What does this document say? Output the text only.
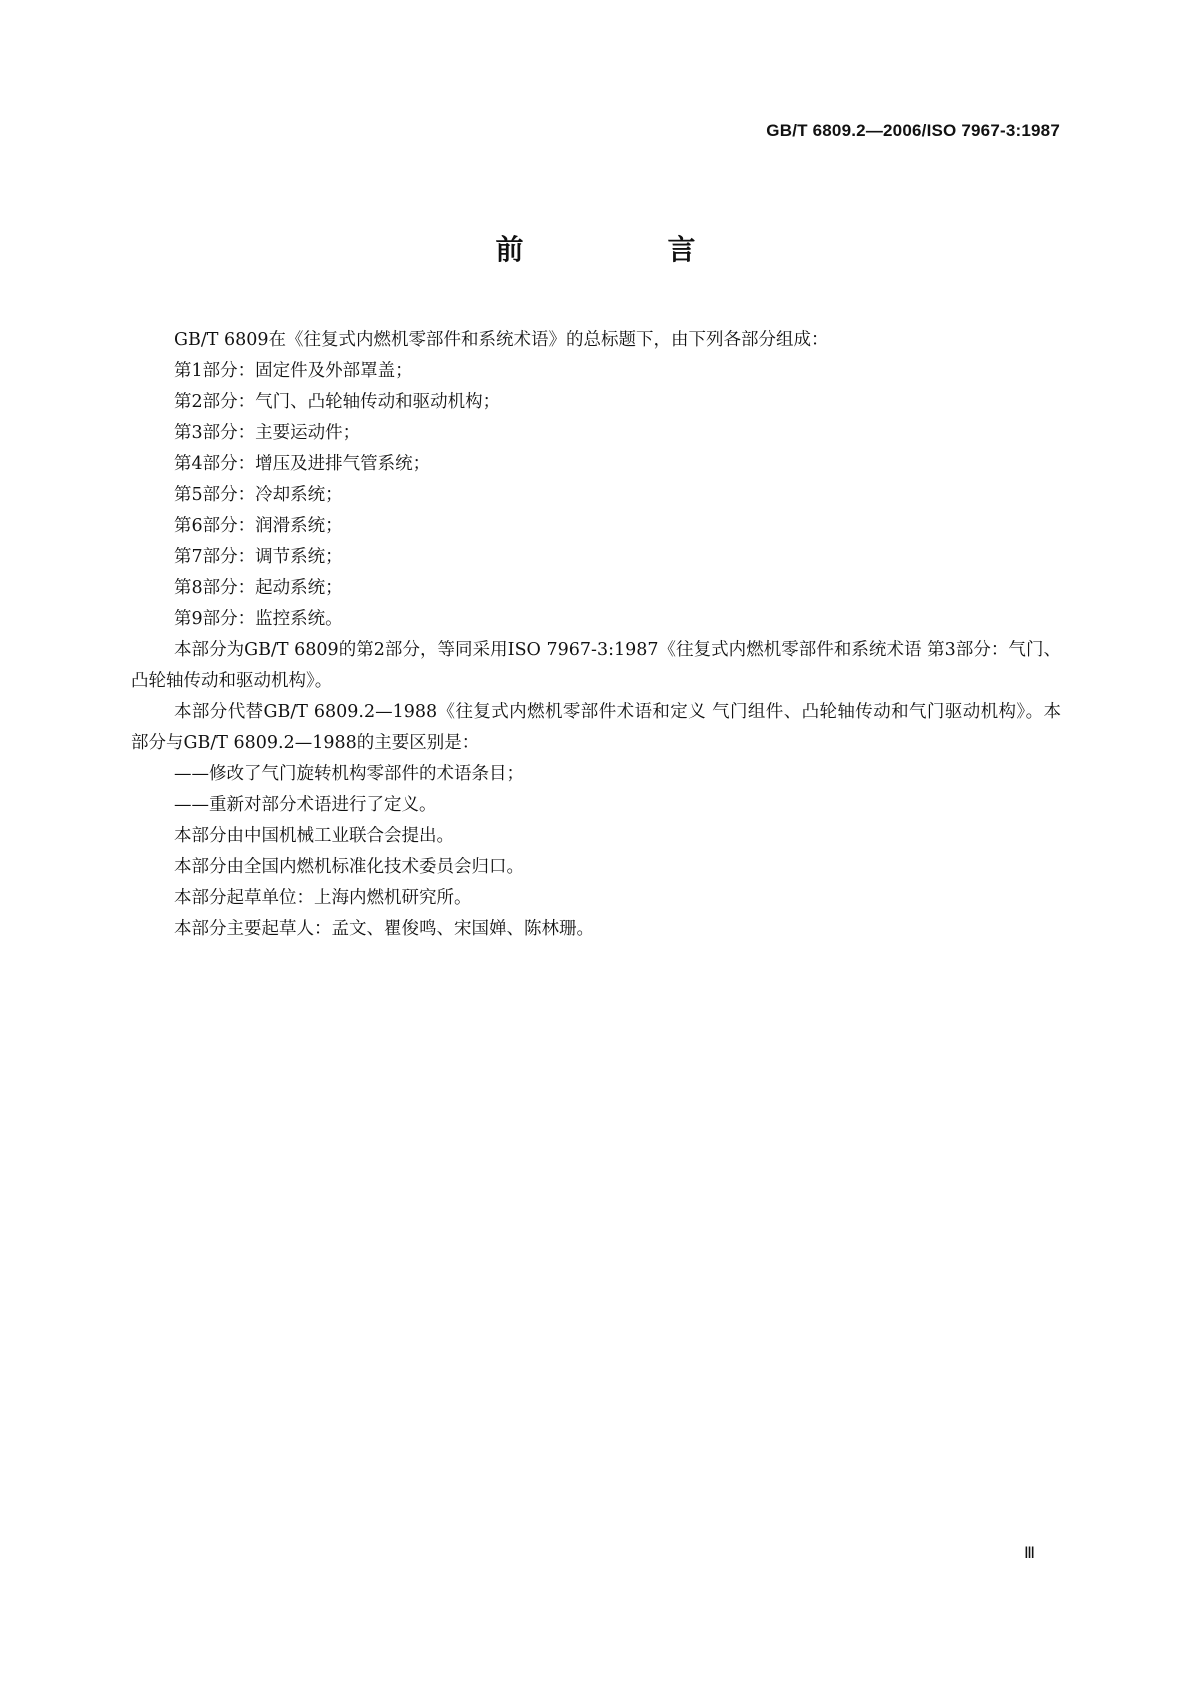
GB/T 6809.2—2006/ISO 7967-3:1987
前　言

GB/T 6809在《往复式内燃机零部件和系统术语》的总标题下，由下列各部分组成：

第1部分：固定件及外部罩盖；

第2部分：气门、凸轮轴传动和驱动机构；

第3部分：主要运动件；

第4部分：增压及进排气管系统；

第5部分：冷却系统；

第6部分：润滑系统；

第7部分：调节系统；

第8部分：起动系统；

第9部分：监控系统。

本部分为GB/T 6809的第2部分，等同采用ISO 7967-3:1987《往复式内燃机零部件和系统术语 第3部分：气门、凸轮轴传动和驱动机构》。

本部分代替GB/T 6809.2—1988《往复式内燃机零部件术语和定义 气门组件、凸轮轴传动和气门驱动机构》。本部分与GB/T 6809.2—1988的主要区别是：

——修改了气门旋转机构零部件的术语条目；

——重新对部分术语进行了定义。

本部分由中国机械工业联合会提出。

本部分由全国内燃机标准化技术委员会归口。

本部分起草单位：上海内燃机研究所。

本部分主要起草人：孟文、瞿俊鸣、宋国婵、陈林珊。

Ⅲ
